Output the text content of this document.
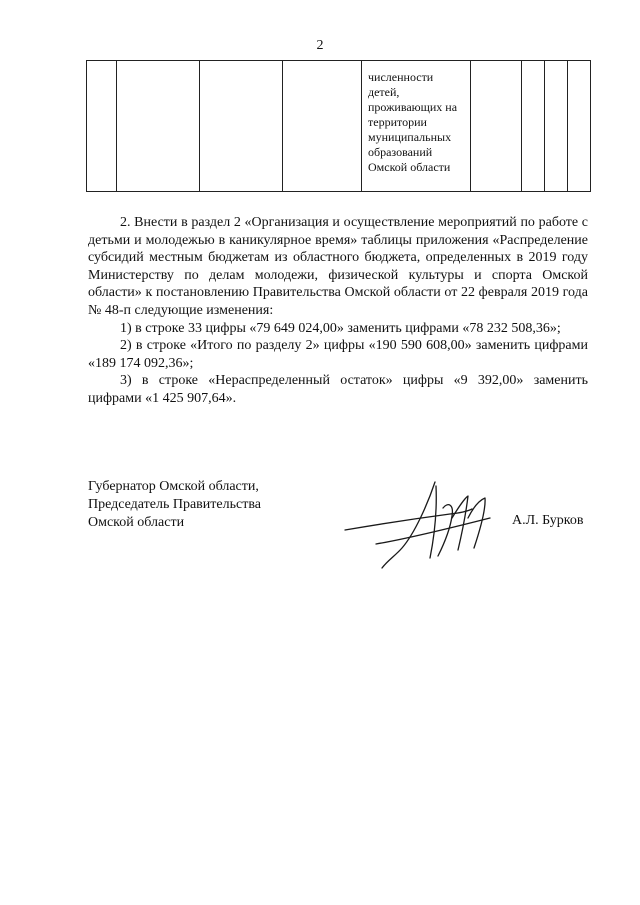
2

численности детей, проживающих на территории муниципальных образований Омской области

2. Внести в раздел 2 «Организация и осуществление мероприятий по работе с детьми и молодежью в каникулярное время» таблицы приложения «Распределение субсидий местным бюджетам из областного бюджета, определенных в 2019 году Министерству по делам молодежи, физической культуры и спорта Омской области» к постановлению Правительства Омской области от 22 февраля 2019 года № 48-п следующие изменения:

1) в строке 33 цифры «79 649 024,00» заменить цифрами «78 232 508,36»;

2) в строке «Итого по разделу 2» цифры «190 590 608,00» заменить цифрами «189 174 092,36»;

3) в строке «Нераспределенный остаток» цифры «9 392,00» заменить цифрами «1 425 907,64».

Губернатор Омской области,
Председатель Правительства
Омской области	А.Л. Бурков
